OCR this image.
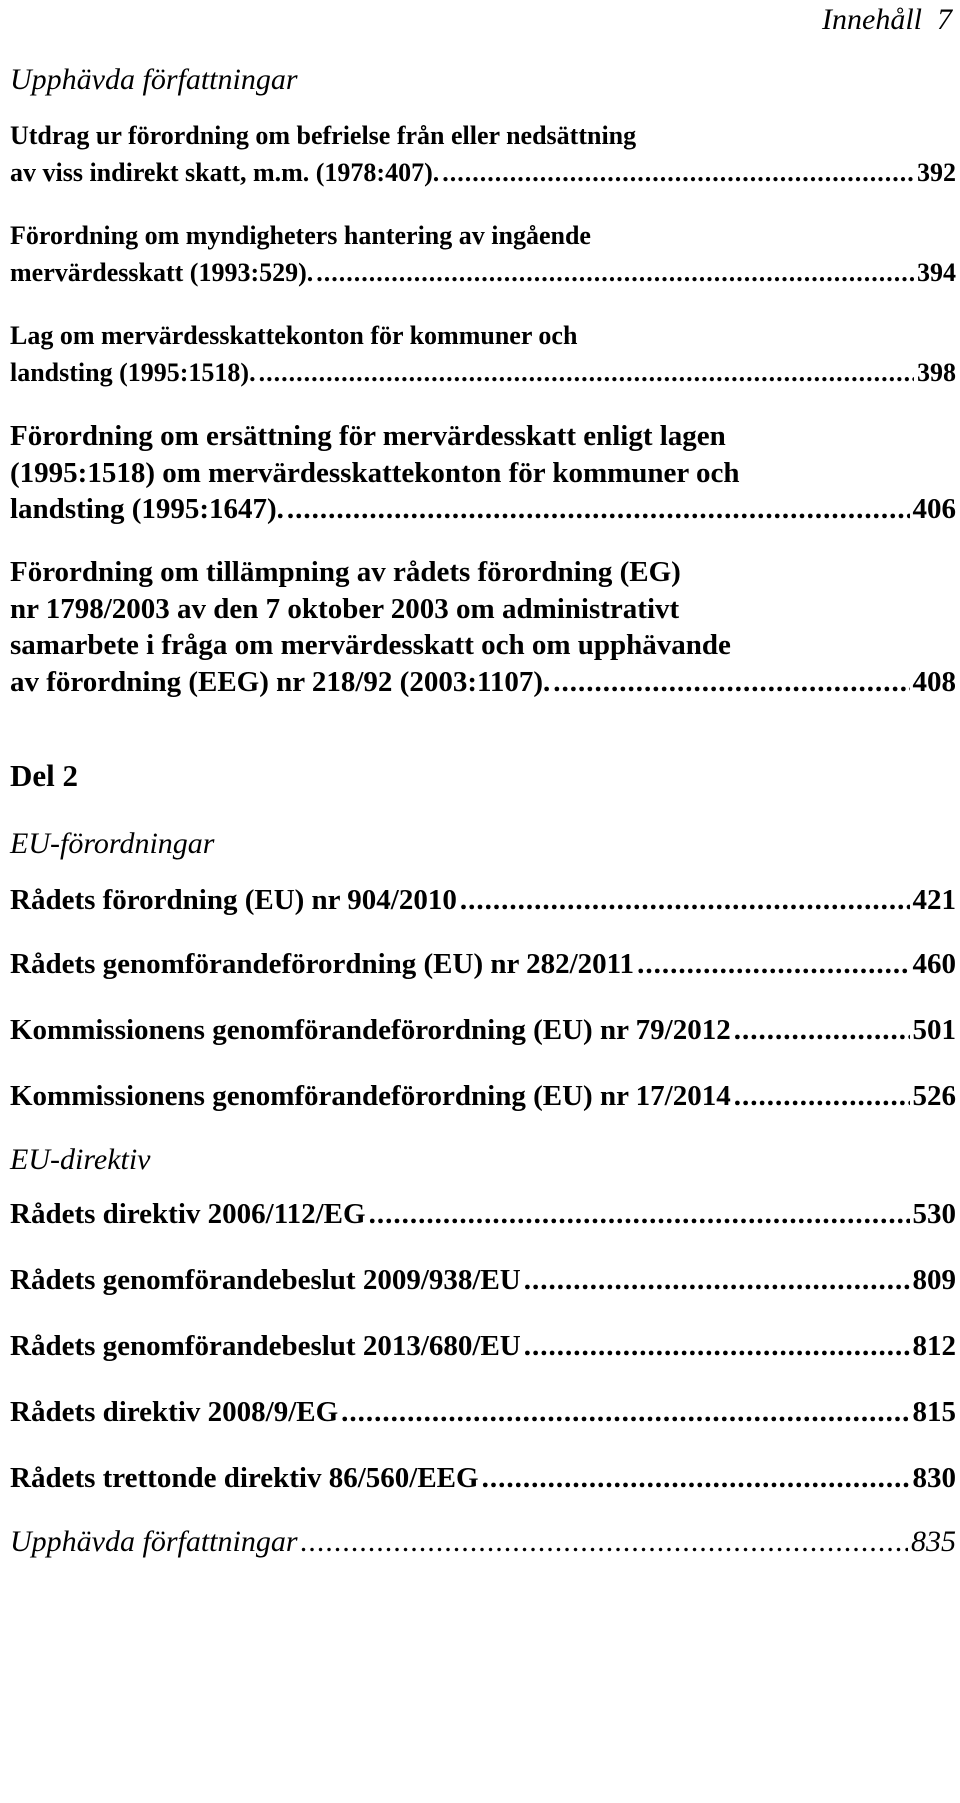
Innehåll 7
Upphävda författningar
Utdrag ur förordning om befrielse från eller nedsättning
av viss indirekt skatt, m.m. (1978:407). .....	392
Förordning om myndigheters hantering av ingående
mervärdesskatt (1993:529). .....	394
Lag om mervärdesskattekonton för kommuner och
landsting (1995:1518). .....	398
Förordning om ersättning för mervärdesskatt enligt lagen
(1995:1518) om mervärdesskattekonton för kommuner och
landsting (1995:1647). .....	406
Förordning om tillämpning av rådets förordning (EG)
nr 1798/2003 av den 7 oktober 2003 om administrativt
samarbete i fråga om mervärdesskatt och om upphävande
av förordning (EEG) nr 218/92 (2003:1107). .....	408
Del 2
EU-förordningar
Rådets förordning (EU) nr 904/2010 .....	421
Rådets genomförandeförordning (EU) nr 282/2011 .....	460
Kommissionens genomförandeförordning (EU) nr 79/2012 .....	501
Kommissionens genomförandeförordning (EU) nr 17/2014 .....	526
EU-direktiv
Rådets direktiv 2006/112/EG .....	530
Rådets genomförandebeslut 2009/938/EU .....	809
Rådets genomförandebeslut 2013/680/EU .....	812
Rådets direktiv 2008/9/EG .....	815
Rådets trettonde direktiv 86/560/EEG .....	830
Upphävda författningar .....	835
